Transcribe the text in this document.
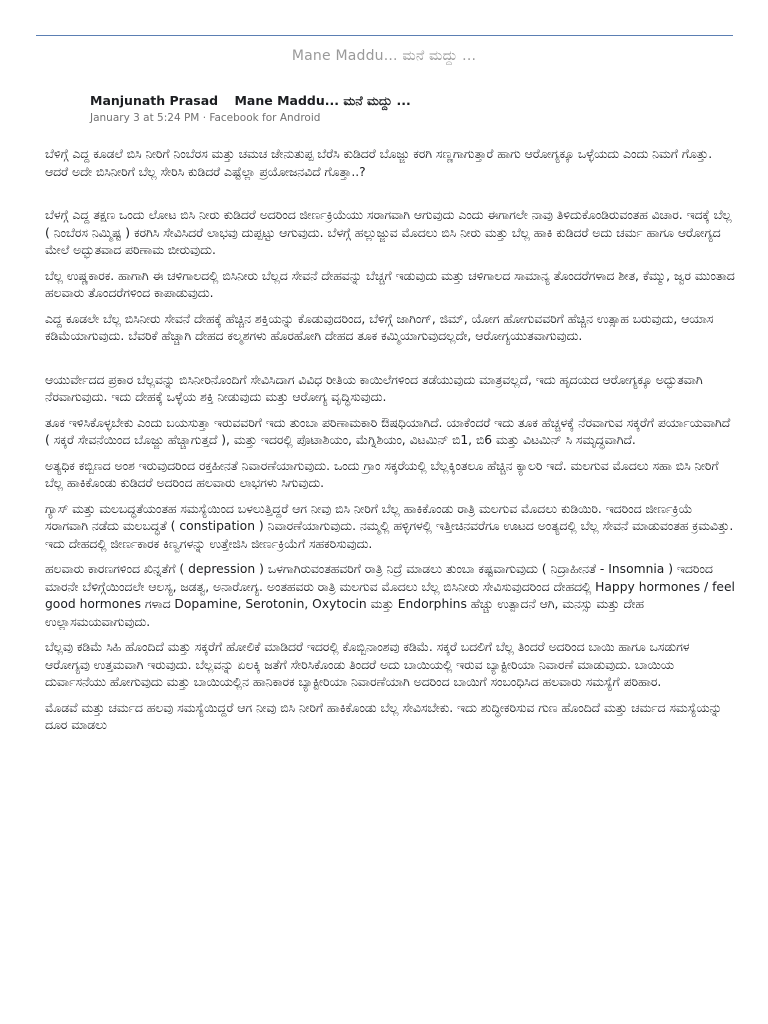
Mane Maddu... ಮನೆ ಮದ್ದು ...
Manjunath Prasad Mane Maddu... ಮನೆ ಮದ್ದು ...
January 3 at 5:24 PM · Facebook for Android

ಬೆಳಿಗ್ಗೆ ಎದ್ದ ಕೂಡಲೆ ಬಿಸಿ ನೀರಿಗೆ ನಿಂಬೆರಸ ಮತ್ತು ಚಮಚ ಜೇನುತುಪ್ಪ ಬೆರೆಸಿ ಕುಡಿದರೆ ಬೊಜ್ಜು ಕರಗಿ ಸಣ್ಣಗಾಗುತ್ತಾರೆ ಹಾಗು ಆರೋಗ್ಯಕ್ಕೂ ಒಳ್ಳೆಯದು ಎಂದು ನಿಮಗೆ ಗೊತ್ತು. ಆದರೆ ಅದೇ ಬಿಸಿನೀರಿಗೆ ಬೆಲ್ಲ ಸೇರಿಸಿ ಕುಡಿದರೆ ಎಷ್ಟೆಲ್ಲಾ ಪ್ರಯೋಜನವಿದೆ ಗೊತ್ತಾ..?

ಬೆಳಗ್ಗೆ ಎದ್ದ ತಕ್ಷಣ ಒಂದು ಲೋಟ ಬಿಸಿ ನೀರು ಕುಡಿದರೆ ಅದರಿಂದ ಜೀರ್ಣಕ್ರಿಯೆಯು ಸರಾಗವಾಗಿ ಆಗುವುದು ಎಂದು ಈಗಾಗಲೇ ನಾವು ತಿಳಿದುಕೊಂಡಿರುವಂತಹ ವಿಚಾರ. ಇದಕ್ಕೆ ಬೆಲ್ಲ ( ನಿಂಬೆರಸ ನಿಮ್ಮಿಷ್ಟ ) ಕರಗಿಸಿ ಸೇವಿಸಿದರೆ ಲಾಭವು ದುಪ್ಪಟ್ಟು ಆಗುವುದು. ಬೆಳಗ್ಗೆ ಹಲ್ಲುಜ್ಜುವ ಮೊದಲು ಬಿಸಿ ನೀರು ಮತ್ತು ಬೆಲ್ಲ ಹಾಕಿ ಕುಡಿದರೆ ಅದು ಚರ್ಮ ಹಾಗೂ ಆರೋಗ್ಯದ ಮೇಲೆ ಅದ್ಭುತವಾದ ಪರಿಣಾಮ ಬೀರುವುದು.

ಬೆಲ್ಲ ಉಷ್ಣಕಾರಕ. ಹಾಗಾಗಿ ಈ ಚಳಿಗಾಲದಲ್ಲಿ ಬಿಸಿನೀರು ಬೆಲ್ಲದ ಸೇವನೆ ದೇಹವನ್ನು ಬೆಚ್ಚಗೆ ಇಡುವುದು ಮತ್ತು ಚಳಿಗಾಲದ ಸಾಮಾನ್ಯ ತೊಂದರೆಗಳಾದ ಶೀತ, ಕೆಮ್ಮು, ಜ್ವರ ಮುಂತಾದ ಹಲವಾರು ತೊಂದರೆಗಳಿಂದ ಕಾಪಾಡುವುದು.

ಎದ್ದ ಕೂಡಲೇ ಬೆಲ್ಲ ಬಿಸಿನೀರು ಸೇವನೆ ದೇಹಕ್ಕೆ ಹೆಚ್ಚಿನ ಶಕ್ತಿಯನ್ನು ಕೊಡುವುದರಿಂದ, ಬೆಳಿಗ್ಗೆ ಜಾಗಿಂಗ್, ಜಿಮ್, ಯೋಗ ಹೋಗುವವರಿಗೆ ಹೆಚ್ಚಿನ ಉತ್ಸಾಹ ಬರುವುದು, ಆಯಾಸ ಕಡಿಮೆಯಾಗುವುದು. ಬೆವರಿಕೆ ಹೆಚ್ಚಾಗಿ ದೇಹದ ಕಲ್ಮಶಗಳು ಹೊರಹೋಗಿ ದೇಹದ ತೂಕ ಕಮ್ಮಿಯಾಗುವುದಲ್ಲದೇ, ಆರೋಗ್ಯಯುತವಾಗುವುದು.

ಆಯುರ್ವೇದದ ಪ್ರಕಾರ ಬೆಲ್ಲವನ್ನು ಬಿಸಿನೀರಿನೊಂದಿಗೆ ಸೇವಿಸಿದಾಗ ವಿವಿಧ ರೀತಿಯ ಕಾಯಿಲೆಗಳಿಂದ ತಡೆಯುವುದು ಮಾತ್ರವಲ್ಲದೆ, ಇದು ಹೃದಯದ ಆರೋಗ್ಯಕ್ಕೂ ಅದ್ಭುತವಾಗಿ ನೆರವಾಗುವುದು. ಇದು ದೇಹಕ್ಕೆ ಒಳ್ಳೆಯ ಶಕ್ತಿ ನೀಡುವುದು ಮತ್ತು ಆರೋಗ್ಯ ವೃದ್ಧಿಸುವುದು.

ತೂಕ ಇಳಿಸಿಕೊಳ್ಳಬೇಕು ಎಂದು ಬಯಸುತ್ತಾ ಇರುವವರಿಗೆ ಇದು ತುಂಬಾ ಪರಿಣಾಮಕಾರಿ ಔಷಧಿಯಾಗಿದೆ. ಯಾಕೆಂದರೆ ಇದು ತೂಕ ಹೆಚ್ಚಳಕ್ಕೆ ನೆರವಾಗುವ ಸಕ್ಕರೆಗೆ ಪರ್ಯಾಯವಾಗಿದೆ ( ಸಕ್ಕರೆ ಸೇವನೆಯಿಂದ ಬೊಜ್ಜು ಹೆಚ್ಚಾಗುತ್ತದೆ ), ಮತ್ತು ಇದರಲ್ಲಿ ಪೊಟಾಶಿಯಂ, ಮೆಗ್ನಿಶಿಯಂ, ವಿಟಮಿನ್ ಬಿ1, ಬಿ6 ಮತ್ತು ವಿಟಮಿನ್ ಸಿ ಸಮೃದ್ಧವಾಗಿದೆ.

ಅತ್ಯಧಿಕ ಕಬ್ಬಿಣದ ಅಂಶ ಇರುವುದರಿಂದ ರಕ್ತಹೀನತೆ ನಿವಾರಣೆಯಾಗುವುದು. ಒಂದು ಗ್ರಾಂ ಸಕ್ಕರೆಯಲ್ಲಿ ಬೆಲ್ಲಕ್ಕಿಂತಲೂ ಹೆಚ್ಚಿನ ಕ್ಯಾಲರಿ ಇದೆ. ಮಲಗುವ ಮೊದಲು ಸಹಾ ಬಿಸಿ ನೀರಿಗೆ ಬೆಲ್ಲ ಹಾಕಿಕೊಂಡು ಕುಡಿದರೆ ಅದರಿಂದ ಹಲವಾರು ಲಾಭಗಳು ಸಿಗುವುದು.

ಗ್ಯಾಸ್ ಮತ್ತು ಮಲಬದ್ಧತೆಯಂತಹ ಸಮಸ್ಯೆಯಿಂದ ಬಳಲುತ್ತಿದ್ದರೆ ಆಗ ನೀವು ಬಿಸಿ ನೀರಿಗೆ ಬೆಲ್ಲ ಹಾಕಿಕೊಂಡು ರಾತ್ರಿ ಮಲಗುವ ಮೊದಲು ಕುಡಿಯಿರಿ. ಇದರಿಂದ ಜೀರ್ಣಕ್ರಿಯೆ ಸರಾಗವಾಗಿ ನಡೆದು ಮಲಬದ್ಧತೆ ( constipation ) ನಿವಾರಣೆಯಾಗುವುದು. ನಮ್ಮಲ್ಲಿ ಹಳ್ಳಿಗಳಲ್ಲಿ ಇತ್ತೀಚಿನವರೆಗೂ ಊಟದ ಅಂತ್ಯದಲ್ಲಿ ಬೆಲ್ಲ ಸೇವನೆ ಮಾಡುವಂತಹ ಕ್ರಮವಿತ್ತು. ಇದು ದೇಹದಲ್ಲಿ ಜೀರ್ಣಕಾರಕ ಕಿಣ್ವಗಳನ್ನು ಉತ್ತೇಜಿಸಿ ಜೀರ್ಣಕ್ರಿಯೆಗೆ ಸಹಕರಿಸುವುದು.

ಹಲವಾರು ಕಾರಣಗಳಿಂದ ಖಿನ್ನತೆಗೆ ( depression ) ಒಳಗಾಗಿರುವಂತಹವರಿಗೆ ರಾತ್ರಿ ನಿದ್ರೆ ಮಾಡಲು ತುಂಬಾ ಕಷ್ಟವಾಗುವುದು ( ನಿದ್ರಾಹೀನತೆ - Insomnia ) ಇದರಿಂದ ಮಾರನೇ ಬೆಳಿಗ್ಗೆಯಿಂದಲೇ ಆಲಸ್ಯ, ಜಡತ್ವ, ಅನಾರೋಗ್ಯ. ಅಂತಹವರು ರಾತ್ರಿ ಮಲಗುವ ಮೊದಲು ಬೆಲ್ಲ ಬಿಸಿನೀರು ಸೇವಿಸುವುದರಿಂದ ದೇಹದಲ್ಲಿ Happy hormones / feel good hormones ಗಳಾದ Dopamine, Serotonin, Oxytocin ಮತ್ತು Endorphins ಹೆಚ್ಚು ಉತ್ಪಾದನೆ ಆಗಿ, ಮನಸ್ಸು ಮತ್ತು ದೇಹ ಉಲ್ಲಾಸಮಯವಾಗುವುದು.

ಬೆಲ್ಲವು ಕಡಿಮೆ ಸಿಹಿ ಹೊಂದಿದೆ ಮತ್ತು ಸಕ್ಕರೆಗೆ ಹೋಲಿಕೆ ಮಾಡಿದರೆ ಇದರಲ್ಲಿ ಕೊಬ್ಬಿನಾಂಶವು ಕಡಿಮೆ. ಸಕ್ಕರೆ ಬದಲಿಗೆ ಬೆಲ್ಲ ತಿಂದರೆ ಅದರಿಂದ ಬಾಯಿ ಹಾಗೂ ಒಸಡುಗಳ ಆರೋಗ್ಯವು ಉತ್ತಮವಾಗಿ ಇರುವುದು. ಬೆಲ್ಲವನ್ನು ಏಲಕ್ಕಿ ಜತೆಗೆ ಸೇರಿಸಿಕೊಂಡು ತಿಂದರೆ ಅದು ಬಾಯಿಯಲ್ಲಿ ಇರುವ ಬ್ಯಾಕ್ಟೀರಿಯಾ ನಿವಾರಣೆ ಮಾಡುವುದು. ಬಾಯಿಯ ದುರ್ವಾಸನೆಯು ಹೋಗುವುದು ಮತ್ತು ಬಾಯಿಯಲ್ಲಿನ ಹಾನಿಕಾರಕ ಬ್ಯಾಕ್ಟೀರಿಯಾ ನಿವಾರಣೆಯಾಗಿ ಅದರಿಂದ ಬಾಯಿಗೆ ಸಂಬಂಧಿಸಿದ ಹಲವಾರು ಸಮಸ್ಯೆಗೆ ಪರಿಹಾರ.

ಮೊಡವೆ ಮತ್ತು ಚರ್ಮದ ಹಲವು ಸಮಸ್ಯೆಯಿದ್ದರೆ ಆಗ ನೀವು ಬಿಸಿ ನೀರಿಗೆ ಹಾಕಿಕೊಂಡು ಬೆಲ್ಲ ಸೇವಿಸಬೇಕು. ಇದು ಶುದ್ಧೀಕರಿಸುವ ಗುಣ ಹೊಂದಿದೆ ಮತ್ತು ಚರ್ಮದ ಸಮಸ್ಯೆಯನ್ನು ದೂರ ಮಾಡಲು
